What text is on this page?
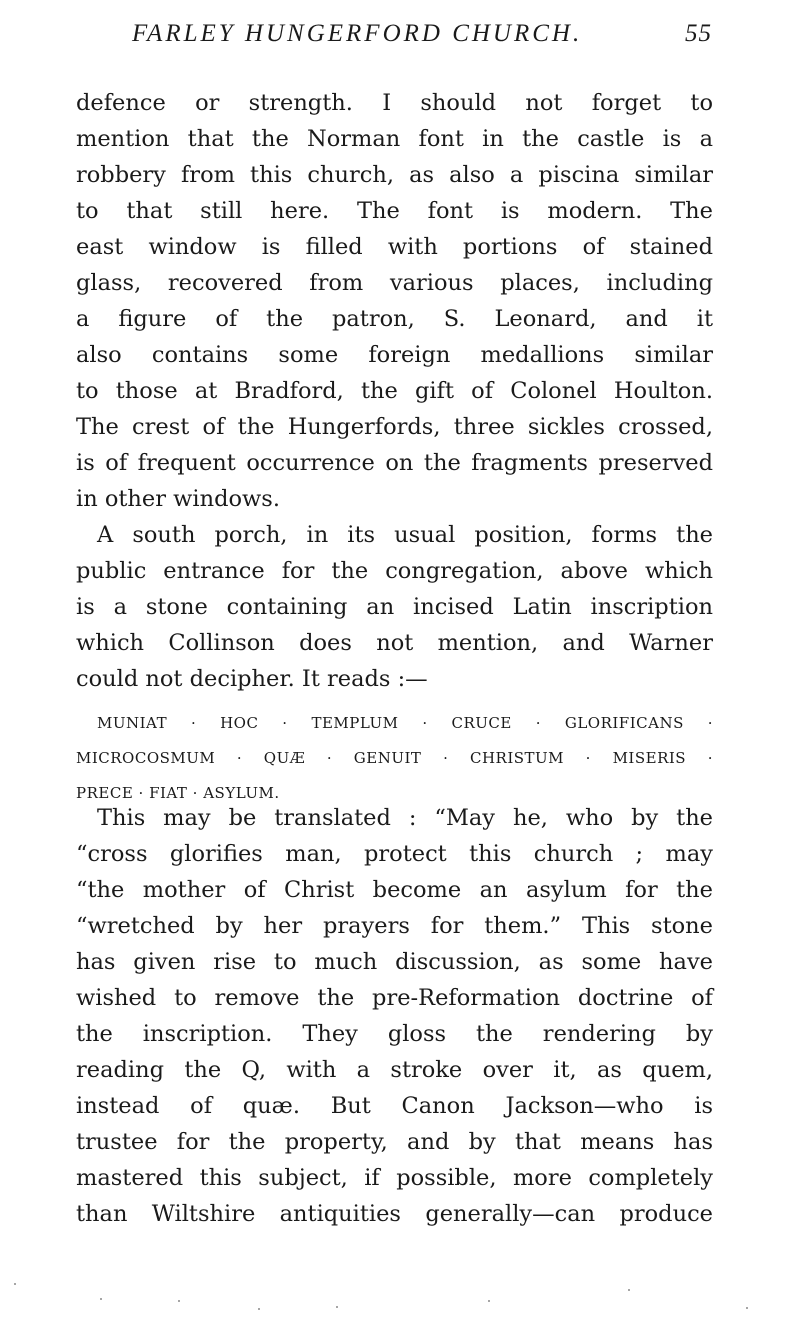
FARLEY HUNGERFORD CHURCH.	55
defence or strength. I should not forget to
mention that the Norman font in the castle is a
robbery from this church, as also a piscina similar
to that still here. The font is modern. The
east window is filled with portions of stained
glass, recovered from various places, including
a figure of the patron, S. Leonard, and it
also contains some foreign medallions similar
to those at Bradford, the gift of Colonel Houlton.
The crest of the Hungerfords, three sickles crossed,
is of frequent occurrence on the fragments preserved
in other windows.
A south porch, in its usual position, forms the
public entrance for the congregation, above which
is a stone containing an incised Latin inscription
which Collinson does not mention, and Warner
could not decipher. It reads :—
MUNIAT · HOC · TEMPLUM · CRUCE · GLORIFICANS ·
MICROCOSMUM · QUÆ · GENUIT · CHRISTUM · MISERIS ·
PRECE · FIAT · ASYLUM.
This may be translated : “May he, who by the
“cross glorifies man, protect this church ; may
“the mother of Christ become an asylum for the
“wretched by her prayers for them.” This stone
has given rise to much discussion, as some have
wished to remove the pre-Reformation doctrine of
the inscription. They gloss the rendering by
reading the Q, with a stroke over it, as quem,
instead of quæ. But Canon Jackson—who is
trustee for the property, and by that means has
mastered this subject, if possible, more completely
than Wiltshire antiquities generally—can produce
